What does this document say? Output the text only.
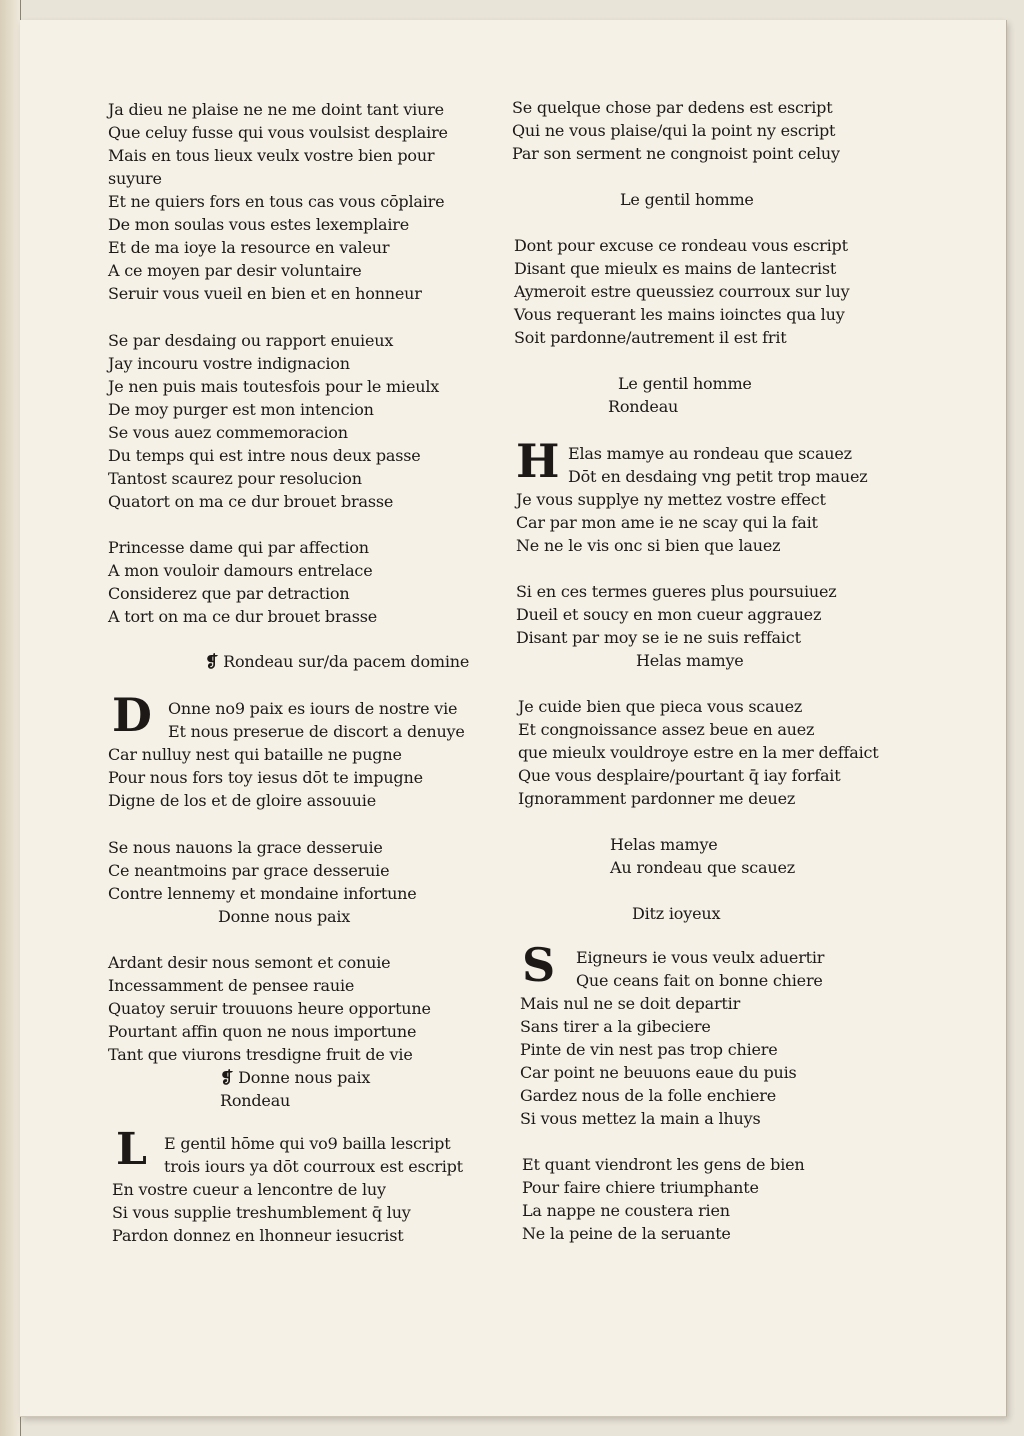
Ja dieu ne plaise ne ne me doint tant viure
Que celuy fusse qui vous voulsist desplaire
Mais en tous lieux veulx vostre bien pour
suyure
Et ne quiers fors en tous cas vous cōplaire
De mon soulas vous estes lexemplaire
Et de ma ioye la resource en valeur
A ce moyen par desir voluntaire
Seruir vous vueil en bien et en honneur
Se par desdaing ou rapport enuieux
Jay incouru vostre indignacion
Je nen puis mais toutesfois pour le mieulx
De moy purger est mon intencion
Se vous auez commemoracion
Du temps qui est intre nous deux passe
Tantost scaurez pour resolucion
Quatort on ma ce dur brouet brasse
Princesse dame qui par affection
A mon vouloir damours entrelace
Considerez que par detraction
A tort on ma ce dur brouet brasse
❡ Rondeau sur/da pacem domine
D Onne no9 paix es iours de nostre vie
Et nous preserue de discort a denuye
Car nulluy nest qui bataille ne pugne
Pour nous fors toy iesus dōt te impugne
Digne de los et de gloire assouuie
Se nous nauons la grace desseruie
Ce neantmoins par grace desseruie
Contre lennemy et mondaine infortune
Donne nous paix
Ardant desir nous semont et conuie
Incessamment de pensee rauie
Quatoy seruir trouuons heure opportune
Pourtant affin quon ne nous importune
Tant que viurons tresdigne fruit de vie
❡ Donne nous paix
Rondeau
L E gentil hōme qui vo9 bailla lescript
trois iours ya dōt courroux est escript
En vostre cueur a lencontre de luy
Si vous supplie treshumblement q̄ luy
Pardon donnez en lhonneur iesucrist
Se quelque chose par dedens est escript
Qui ne vous plaise/qui la point ny escript
Par son serment ne congnoist point celuy
Le gentil homme
Dont pour excuse ce rondeau vous escript
Disant que mieulx es mains de lantecrist
Aymeroit estre queussiez courroux sur luy
Vous requerant les mains ioinctes qua luy
Soit pardonne/autrement il est frit
Le gentil homme
Rondeau
H Elas mamye au rondeau que scauez
Dōt en desdaing vng petit trop mauez
Je vous supplye ny mettez vostre effect
Car par mon ame ie ne scay qui la fait
Ne ne le vis onc si bien que lauez
Si en ces termes gueres plus poursuiuez
Dueil et soucy en mon cueur aggrauez
Disant par moy se ie ne suis reffaict
Helas mamye
Je cuide bien que pieca vous scauez
Et congnoissance assez beue en auez
que mieulx vouldroye estre en la mer deffaict
Que vous desplaire/pourtant q̄ iay forfait
Ignoramment pardonner me deuez
Helas mamye
Au rondeau que scauez
Ditz ioyeux
S Eigneurs ie vous veulx aduertir
Que ceans fait on bonne chiere
Mais nul ne se doit departir
Sans tirer a la gibeciere
Pinte de vin nest pas trop chiere
Car point ne beuuons eaue du puis
Gardez nous de la folle enchiere
Si vous mettez la main a lhuys
Et quant viendront les gens de bien
Pour faire chiere triumphante
La nappe ne coustera rien
Ne la peine de la seruante
